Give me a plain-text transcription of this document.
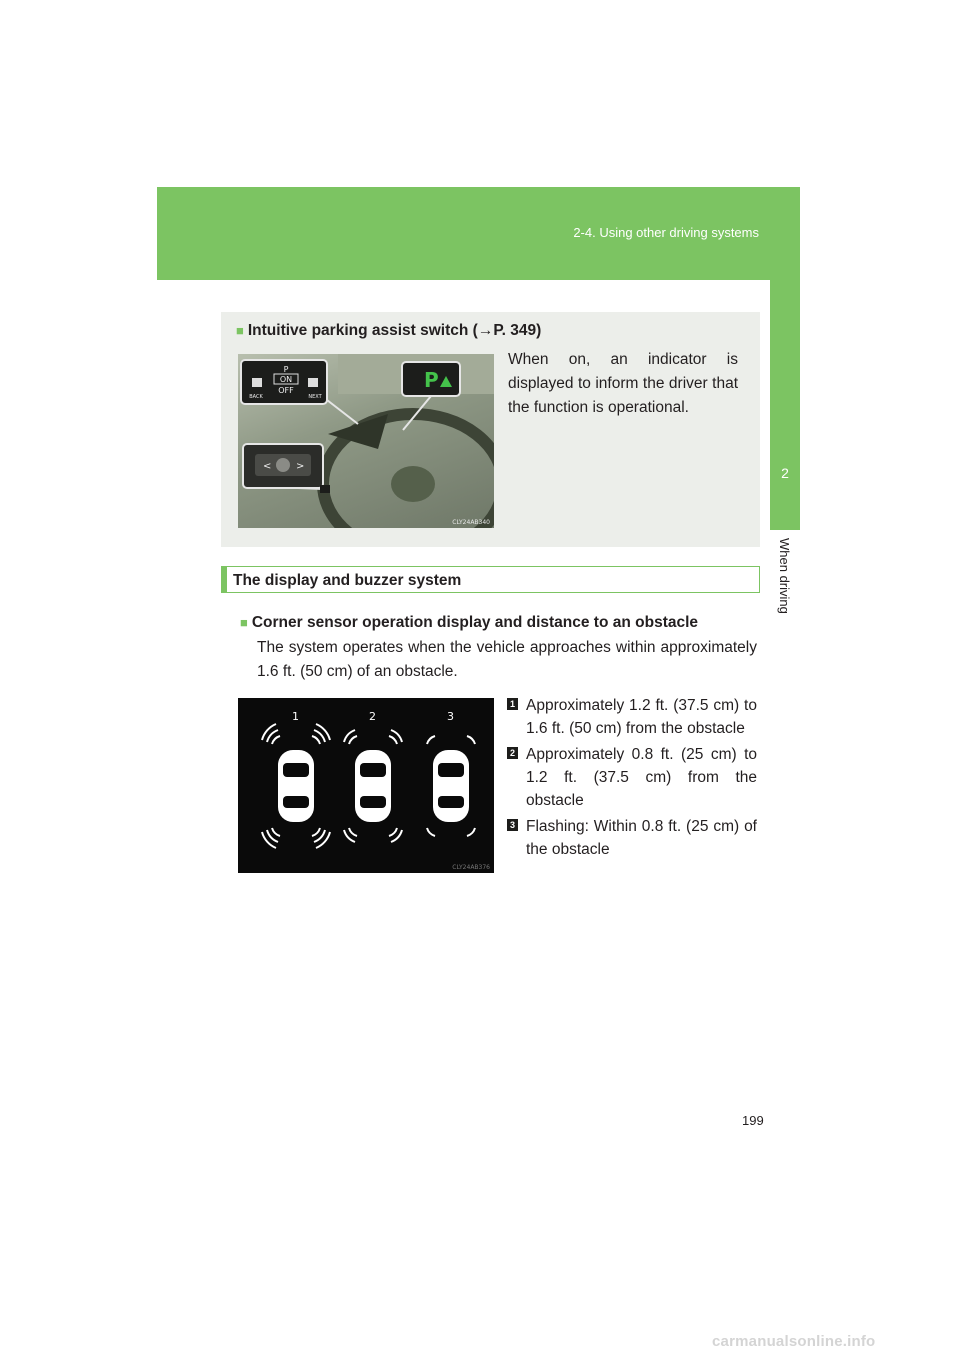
2-4. Using other driving systems
2
When driving
■ Intuitive parking assist switch (→P. 349)
P
ON
OFF
BACK	NEXT
P
< >
CLY24AB340
When on, an indicator is displayed to inform the driver that the function is operational.
The display and buzzer system
■ Corner sensor operation display and distance to an obstacle
The system operates when the vehicle approaches within approximately 1.6 ft. (50 cm) of an obstacle.
1	2	3
CLY24AB376
1 Approximately 1.2 ft. (37.5 cm) to 1.6 ft. (50 cm) from the obstacle
2 Approximately 0.8 ft. (25 cm) to 1.2 ft. (37.5 cm) from the obstacle
3 Flashing: Within 0.8 ft. (25 cm) of the obstacle
199
carmanualsonline.info
